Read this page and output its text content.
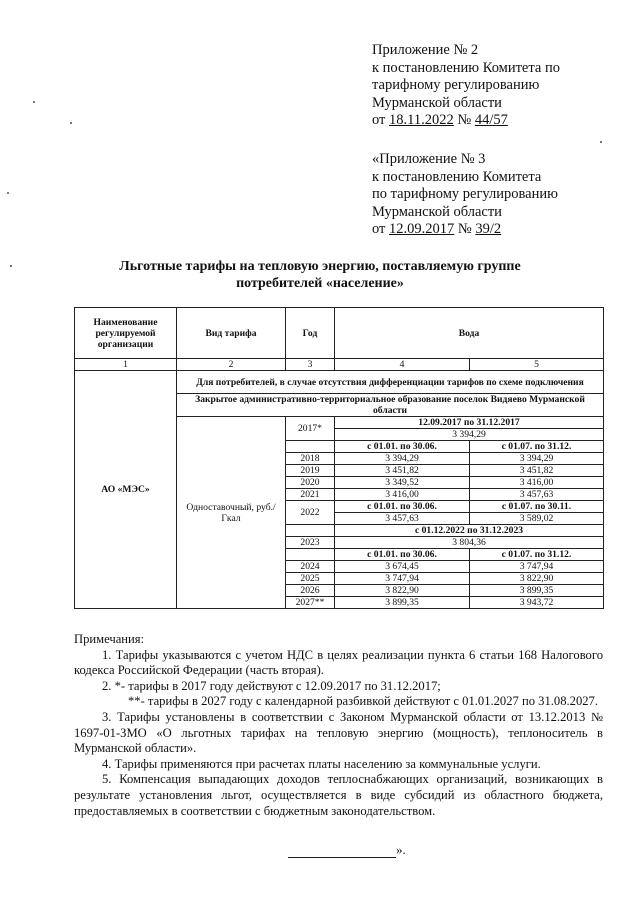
Приложение № 2
к постановлению Комитета по
тарифному регулированию
Мурманской области
от 18.11.2022 № 44/57
«Приложение № 3
к постановлению Комитета
по тарифному регулированию
Мурманской области
от 12.09.2017 № 39/2
Льготные тарифы на тепловую энергию, поставляемую группе
потребителей «население»
Наименование регулируемой организации	Вид тарифа	Год	Вода	
1	2	3	4	5
АО «МЭС»	Для потребителей, в случае отсутствия дифференциации тарифов по схеме подключения			
	Закрытое административно-территориальное образование поселок Видяево Мурманской области			
	Одноставочный, руб./Гкал	2017*	12.09.2017 по 31.12.2017	
			3 394,29	
			с 01.01. по 30.06.	с 01.07. по 31.12.
		2018	3 394,29	3 394,29
		2019	3 451,82	3 451,82
		2020	3 349,52	3 416,00
		2021	3 416,00	3 457,63
		2022	с 01.01. по 30.06.	с 01.07. по 30.11.
			3 457,63	3 589,02
			с 01.12.2022 по 31.12.2023	
		2023	3 804,36	
			с 01.01. по 30.06.	с 01.07. по 31.12.
		2024	3 674,45	3 747,94
		2025	3 747,94	3 822,90
		2026	3 822,90	3 899,35
		2027**	3 899,35	3 943,72

Примечания:

1. Тарифы указываются с учетом НДС в целях реализации пункта 6 статьи 168 Налогового кодекса Российской Федерации (часть вторая).

2. *- тарифы в 2017 году действуют с 12.09.2017 по 31.12.2017;

**- тарифы в 2027 году с календарной разбивкой действуют с 01.01.2027 по 31.08.2027.

3. Тарифы установлены в соответствии с Законом Мурманской области от 13.12.2013 № 1697-01-ЗМО «О льготных тарифах на тепловую энергию (мощность), теплоноситель в Мурманской области».

4. Тарифы применяются при расчетах платы населению за коммунальные услуги.

5. Компенсация выпадающих доходов теплоснабжающих организаций, возникающих в результате установления льгот, осуществляется в виде субсидий из областного бюджета, предоставляемых в соответствии с бюджетным законодательством.

».
